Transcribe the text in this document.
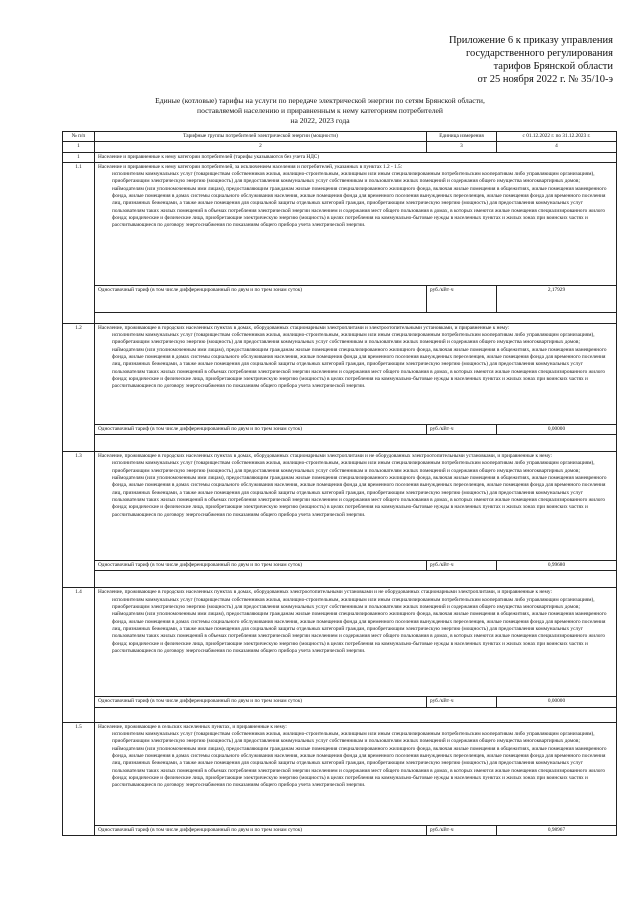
Приложение 6 к приказу управления
государственного регулирования
тарифов Брянской области
от 25 ноября 2022 г. № 35/10-э
Единые (котловые) тарифы на услуги по передаче электрической энергии по сетям Брянской области,
поставляемой населению и приравненным к нему категориям потребителей
на 2022, 2023 года
№ п/п	Тарифные группы потребителей электрической энергии (мощности)	Единица измерения	с 01.12.2022 г. по 31.12.2023 г.
1	2	3	4
1	Население и приравненные к нему категории потребителей (тарифы указываются без учета НДС)		
1.1	Население и приравненные к нему категории потребителей, за исключением населения и потребителей, указанных в пунктах 1.2 - 1.5:
исполнителям коммунальных услуг (товариществам собственников жилья, жилищно-строительным, жилищным или иным специализированным потребительским кооперативам либо управляющим организациям), приобретающим электрическую энергию (мощность) для предоставления коммунальных услуг собственникам и пользователям жилых помещений и содержания общего имущества многоквартирных домов; наймодателям (или уполномоченным ими лицам), предоставляющим гражданам жилые помещения специализированного жилищного фонда, включая жилые помещения в общежитиях, жилые помещения маневренного фонда, жилые помещения в домах системы социального обслуживания населения, жилые помещения фонда для временного поселения вынужденных переселенцев, жилые помещения фонда для временного поселения лиц, признанных беженцами, а также жилые помещения для социальной защиты отдельных категорий граждан, приобретающим электрическую энергию (мощность) для предоставления коммунальных услуг пользователям таких жилых помещений в объемах потребления электрической энергии населением и содержания мест общего пользования в домах, в которых имеются жилые помещения специализированного жилого фонда; юридические и физические лица, приобретающие электрическую энергию (мощность) в целях потребления на коммунально-бытовые нужды в населенных пунктах и жилых зонах при воинских частях и рассчитывающиеся по договору энергоснабжения по показаниям общего прибора учета электрической энергии.		

	Одноставочный тариф (в том числе дифференцированный по двум и по трем зонам суток)	руб./кВт·ч	2,17929

1.2	Население, проживающее в городских населенных пунктах в домах, оборудованных стационарными электроплитами и электроотопительными установками, и приравненные к нему:
исполнителям коммунальных услуг (товариществам собственников жилья, жилищно-строительным, жилищным или иным специализированным потребительским кооперативам либо управляющим организациям), приобретающим электрическую энергию (мощность) для предоставления коммунальных услуг собственникам и пользователям жилых помещений и содержания общего имущества многоквартирных домов; наймодателям (или уполномоченным ими лицам), предоставляющим гражданам жилые помещения специализированного жилищного фонда, включая жилые помещения в общежитиях, жилые помещения маневренного фонда, жилые помещения в домах системы социального обслуживания населения, жилые помещения фонда для временного поселения вынужденных переселенцев, жилые помещения фонда для временного поселения лиц, признанных беженцами, а также жилые помещения для социальной защиты отдельных категорий граждан, приобретающим электрическую энергию (мощность) для предоставления коммунальных услуг пользователям таких жилых помещений в объемах потребления электрической энергии населением и содержания мест общего пользования в домах, в которых имеются жилые помещения специализированного жилого фонда; юридические и физические лица, приобретающие электрическую энергию (мощность) в целях потребления на коммунально-бытовые нужды в населенных пунктах и жилых зонах при воинских частях и рассчитывающиеся по договору энергоснабжения по показаниям общего прибора учета электрической энергии.		

	Одноставочный тариф (в том числе дифференцированный по двум и по трем зонам суток)	руб./кВт·ч	0,00000

1.3	Население, проживающее в городских населенных пунктах в домах, оборудованных стационарными электроплитами и не оборудованных электроотопительными установками, и приравненные к нему:
исполнителям коммунальных услуг (товариществам собственников жилья, жилищно-строительным, жилищным или иным специализированным потребительским кооперативам либо управляющим организациям), приобретающим электрическую энергию (мощность) для предоставления коммунальных услуг собственникам и пользователям жилых помещений и содержания общего имущества многоквартирных домов; наймодателям (или уполномоченным ими лицам), предоставляющим гражданам жилые помещения специализированного жилищного фонда, включая жилые помещения в общежитиях, жилые помещения маневренного фонда, жилые помещения в домах системы социального обслуживания населения, жилые помещения фонда для временного поселения вынужденных переселенцев, жилые помещения фонда для временного поселения лиц, признанных беженцами, а также жилые помещения для социальной защиты отдельных категорий граждан, приобретающим электрическую энергию (мощность) для предоставления коммунальных услуг пользователям таких жилых помещений в объемах потребления электрической энергии населением и содержания мест общего пользования в домах, в которых имеются жилые помещения специализированного жилого фонда; юридические и физические лица, приобретающие электрическую энергию (мощность) в целях потребления на коммунально-бытовые нужды в населенных пунктах и жилых зонах при воинских частях и рассчитывающиеся по договору энергоснабжения по показаниям общего прибора учета электрической энергии.		

	Одноставочный тариф (в том числе дифференцированный по двум и по трем зонам суток)	руб./кВт·ч	0,99680

1.4	Население, проживающее в городских населенных пунктах в домах, оборудованных электроотопительными установками и не оборудованных стационарными электроплитами, и приравненные к нему:
исполнителям коммунальных услуг (товариществам собственников жилья, жилищно-строительным, жилищным или иным специализированным потребительским кооперативам либо управляющим организациям), приобретающим электрическую энергию (мощность) для предоставления коммунальных услуг собственникам и пользователям жилых помещений и содержания общего имущества многоквартирных домов; наймодателям (или уполномоченным ими лицам), предоставляющим гражданам жилые помещения специализированного жилищного фонда, включая жилые помещения в общежитиях, жилые помещения маневренного фонда, жилые помещения в домах системы социального обслуживания населения, жилые помещения фонда для временного поселения вынужденных переселенцев, жилые помещения фонда для временного поселения лиц, признанных беженцами, а также жилые помещения для социальной защиты отдельных категорий граждан, приобретающим электрическую энергию (мощность) для предоставления коммунальных услуг пользователям таких жилых помещений в объемах потребления электрической энергии населением и содержания мест общего пользования в домах, в которых имеются жилые помещения специализированного жилого фонда; юридические и физические лица, приобретающие электрическую энергию (мощность) в целях потребления на коммунально-бытовые нужды в населенных пунктах и жилых зонах при воинских частях и рассчитывающиеся по договору энергоснабжения по показаниям общего прибора учета электрической энергии.		

	Одноставочный тариф (в том числе дифференцированный по двум и по трем зонам суток)	руб./кВт·ч	0,00000

1.5	Население, проживающее в сельских населенных пунктах, и приравненные к нему:
исполнителям коммунальных услуг (товариществам собственников жилья, жилищно-строительным, жилищным или иным специализированным потребительским кооперативам либо управляющим организациям), приобретающим электрическую энергию (мощность) для предоставления коммунальных услуг собственникам и пользователям жилых помещений и содержания общего имущества многоквартирных домов; наймодателям (или уполномоченным ими лицам), предоставляющим гражданам жилые помещения специализированного жилищного фонда, включая жилые помещения в общежитиях, жилые помещения маневренного фонда, жилые помещения в домах системы социального обслуживания населения, жилые помещения фонда для временного поселения вынужденных переселенцев, жилые помещения фонда для временного поселения лиц, признанных беженцами, а также жилые помещения для социальной защиты отдельных категорий граждан, приобретающим электрическую энергию (мощность) для предоставления коммунальных услуг пользователям таких жилых помещений в объемах потребления электрической энергии населением и содержания мест общего пользования в домах, в которых имеются жилые помещения специализированного жилого фонда; юридические и физические лица, приобретающие электрическую энергию (мощность) в целях потребления на коммунально-бытовые нужды в населенных пунктах и жилых зонах при воинских частях и рассчитывающиеся по договору энергоснабжения по показаниям общего прибора учета электрической энергии.		

	Одноставочный тариф (в том числе дифференцированный по двум и по трем зонам суток)	руб./кВт·ч	0,98967
